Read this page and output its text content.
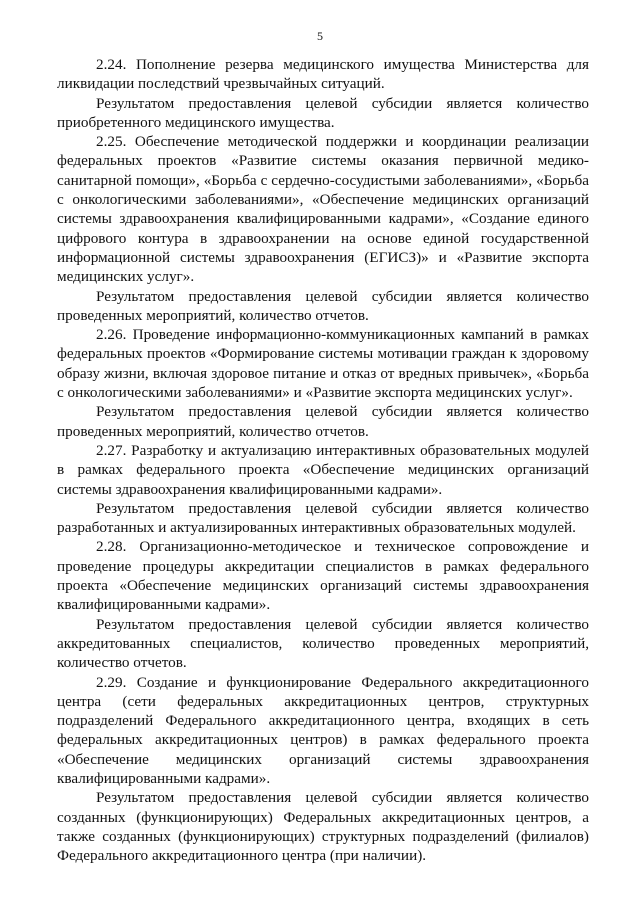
5

2.24. Пополнение резерва медицинского имущества Министерства для ликвидации последствий чрезвычайных ситуаций.

Результатом предоставления целевой субсидии является количество приобретенного медицинского имущества.

2.25. Обеспечение методической поддержки и координации реализации федеральных проектов «Развитие системы оказания первичной медико-санитарной помощи», «Борьба с сердечно-сосудистыми заболеваниями», «Борьба с онкологическими заболеваниями», «Обеспечение медицинских организаций системы здравоохранения квалифицированными кадрами», «Создание единого цифрового контура в здравоохранении на основе единой государственной информационной системы здравоохранения (ЕГИСЗ)» и «Развитие экспорта медицинских услуг».

Результатом предоставления целевой субсидии является количество проведенных мероприятий, количество отчетов.

2.26. Проведение информационно-коммуникационных кампаний в рамках федеральных проектов «Формирование системы мотивации граждан к здоровому образу жизни, включая здоровое питание и отказ от вредных привычек», «Борьба с онкологическими заболеваниями» и «Развитие экспорта медицинских услуг».

Результатом предоставления целевой субсидии является количество проведенных мероприятий, количество отчетов.

2.27. Разработку и актуализацию интерактивных образовательных модулей в рамках федерального проекта «Обеспечение медицинских организаций системы здравоохранения квалифицированными кадрами».

Результатом предоставления целевой субсидии является количество разработанных и актуализированных интерактивных образовательных модулей.

2.28. Организационно-методическое и техническое сопровождение и проведение процедуры аккредитации специалистов в рамках федерального проекта «Обеспечение медицинских организаций системы здравоохранения квалифицированными кадрами».

Результатом предоставления целевой субсидии является количество аккредитованных специалистов, количество проведенных мероприятий, количество отчетов.

2.29. Создание и функционирование Федерального аккредитационного центра (сети федеральных аккредитационных центров, структурных подразделений Федерального аккредитационного центра, входящих в сеть федеральных аккредитационных центров) в рамках федерального проекта «Обеспечение медицинских организаций системы здравоохранения квалифицированными кадрами».

Результатом предоставления целевой субсидии является количество созданных (функционирующих) Федеральных аккредитационных центров, а также созданных (функционирующих) структурных подразделений (филиалов) Федерального аккредитационного центра (при наличии).
